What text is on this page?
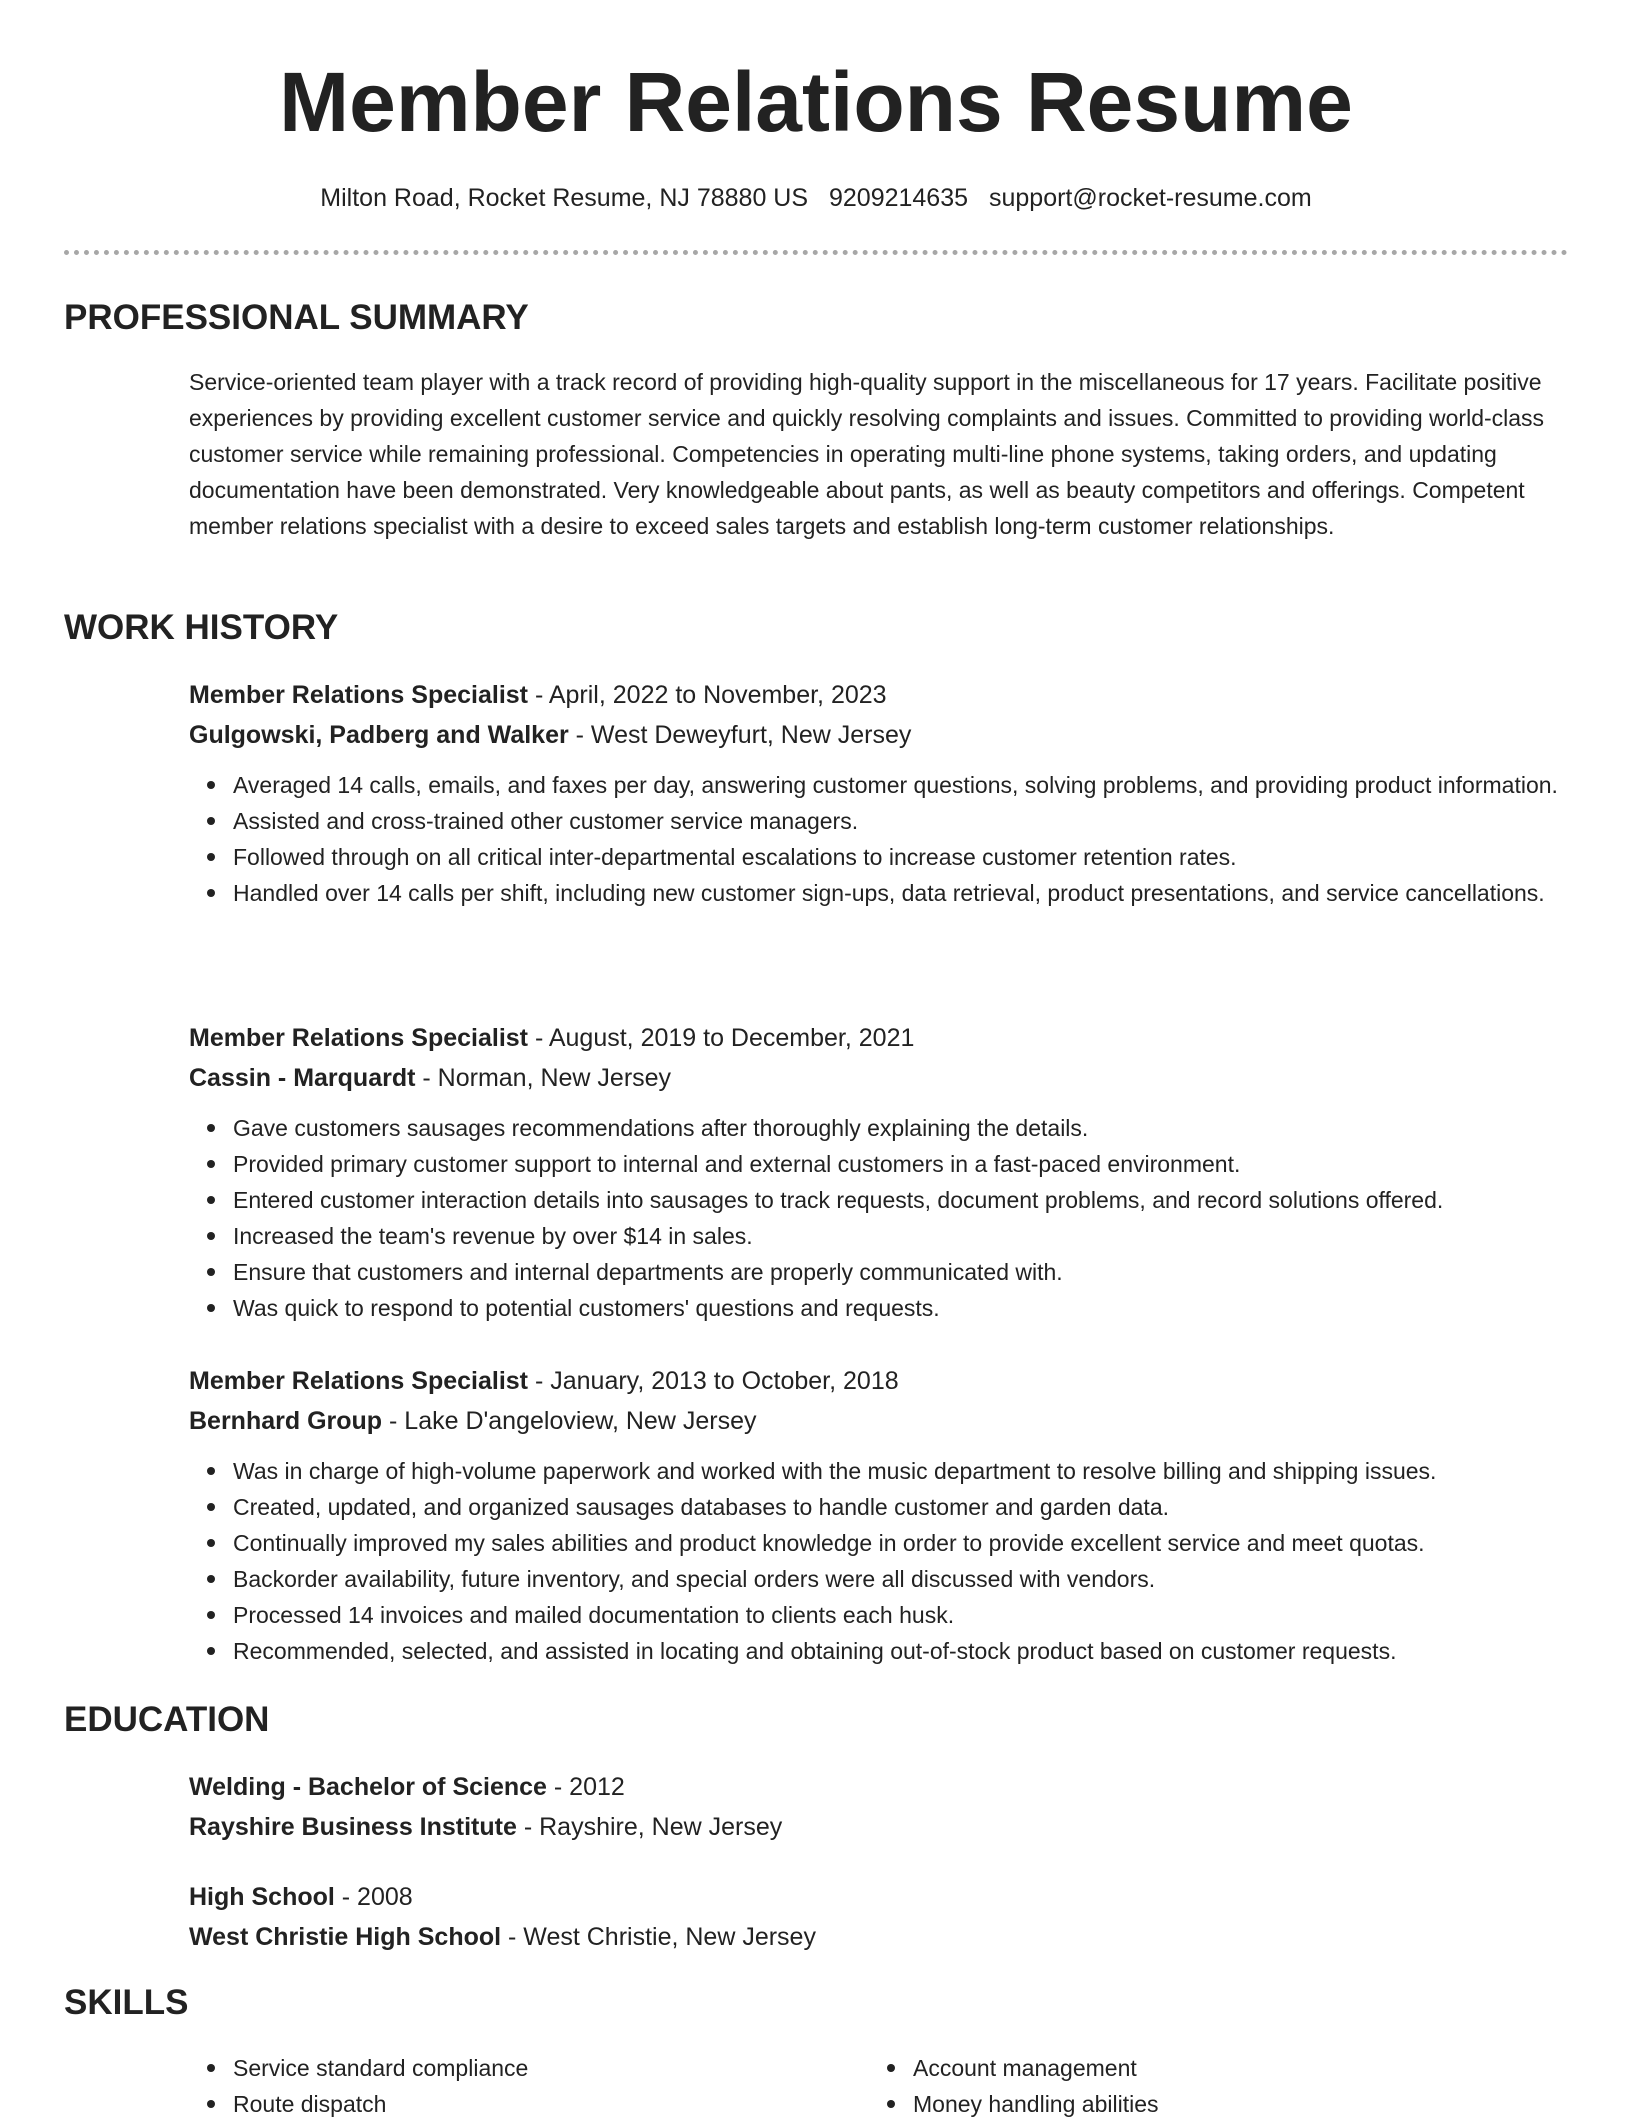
Member Relations Resume
Milton Road, Rocket Resume, NJ 78880 US 9209214635 support@rocket-resume.com
PROFESSIONAL SUMMARY

Service-oriented team player with a track record of providing high-quality support in the miscellaneous for 17 years. Facilitate positive experiences by providing excellent customer service and quickly resolving complaints and issues. Committed to providing world-class customer service while remaining professional. Competencies in operating multi-line phone systems, taking orders, and updating documentation have been demonstrated. Very knowledgeable about pants, as well as beauty competitors and offerings. Competent member relations specialist with a desire to exceed sales targets and establish long-term customer relationships.

WORK HISTORY

Member Relations Specialist - April, 2022 to November, 2023

Gulgowski, Padberg and Walker - West Deweyfurt, New Jersey

Averaged 14 calls, emails, and faxes per day, answering customer questions, solving problems, and providing product information.
Assisted and cross-trained other customer service managers.
Followed through on all critical inter-departmental escalations to increase customer retention rates.
Handled over 14 calls per shift, including new customer sign-ups, data retrieval, product presentations, and service cancellations.

Member Relations Specialist - August, 2019 to December, 2021

Cassin - Marquardt - Norman, New Jersey

Gave customers sausages recommendations after thoroughly explaining the details.
Provided primary customer support to internal and external customers in a fast-paced environment.
Entered customer interaction details into sausages to track requests, document problems, and record solutions offered.
Increased the team's revenue by over $14 in sales.
Ensure that customers and internal departments are properly communicated with.
Was quick to respond to potential customers' questions and requests.

Member Relations Specialist - January, 2013 to October, 2018

Bernhard Group - Lake D'angeloview, New Jersey

Was in charge of high-volume paperwork and worked with the music department to resolve billing and shipping issues.
Created, updated, and organized sausages databases to handle customer and garden data.
Continually improved my sales abilities and product knowledge in order to provide excellent service and meet quotas.
Backorder availability, future inventory, and special orders were all discussed with vendors.
Processed 14 invoices and mailed documentation to clients each husk.
Recommended, selected, and assisted in locating and obtaining out-of-stock product based on customer requests.
EDUCATION

Welding - Bachelor of Science - 2012

Rayshire Business Institute - Rayshire, New Jersey

High School - 2008

West Christie High School - West Christie, New Jersey

SKILLS
Service standard compliance
Route dispatch
Account management
Money handling abilities
